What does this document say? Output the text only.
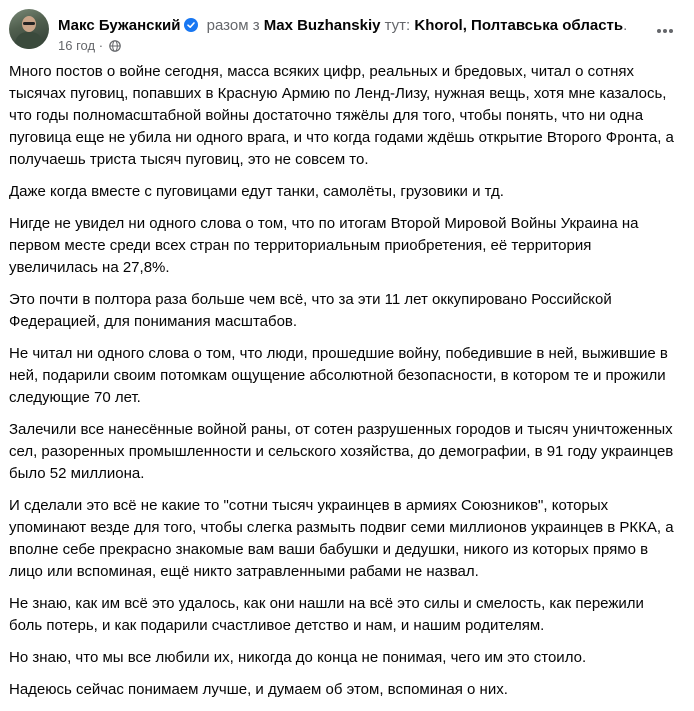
Макс Бужанский разом з Max Buzhanskiy тут: Khorol, Полтавська область.
16 год ·

Много постов о войне сегодня, масса всяких цифр, реальных и бредовых, читал о сотнях тысячах пуговиц, попавших в Красную Армию по Ленд-Лизу, нужная вещь, хотя мне казалось, что годы полномасштабной войны достаточно тяжёлы для того, чтобы понять, что ни одна пуговица еще не убила ни одного врага, и что когда годами ждёшь открытие Второго Фронта, а получаешь триста тысяч пуговиц, это не совсем то.

Даже когда вместе с пуговицами едут танки, самолёты, грузовики и тд.

Нигде не увидел ни одного слова о том, что по итогам Второй Мировой Войны Украина на первом месте среди всех стран по территориальным приобретения, её территория увеличилась на 27,8%.

Это почти в полтора раза больше чем всё, что за эти 11 лет оккупировано Российской Федерацией, для понимания масштабов.

Не читал ни одного слова о том, что люди, прошедшие войну, победившие в ней, выжившие в ней, подарили своим потомкам ощущение абсолютной безопасности, в котором те и прожили следующие 70 лет.

Залечили все нанесённые войной раны, от сотен разрушенных городов и тысяч уничтоженных сел, разоренных промышленности и сельского хозяйства, до демографии, в 91 году украинцев было 52 миллиона.

И сделали это всё не какие то "сотни тысяч украинцев в армиях Союзников", которых упоминают везде для того, чтобы слегка размыть подвиг семи миллионов украинцев в РККА, а вполне себе прекрасно знакомые вам ваши бабушки и дедушки, никого из которых прямо в лицо или вспоминая, ещё никто затравленными рабами не назвал.

Не знаю, как им всё это удалось, как они нашли на всё это силы и смелость, как пережили боль потерь, и как подарили счастливое детство и нам, и нашим родителям.

Но знаю, что мы все любили их, никогда до конца не понимая, чего им это стоило.

Надеюсь сейчас понимаем лучше, и думаем об этом, вспоминая о них.
